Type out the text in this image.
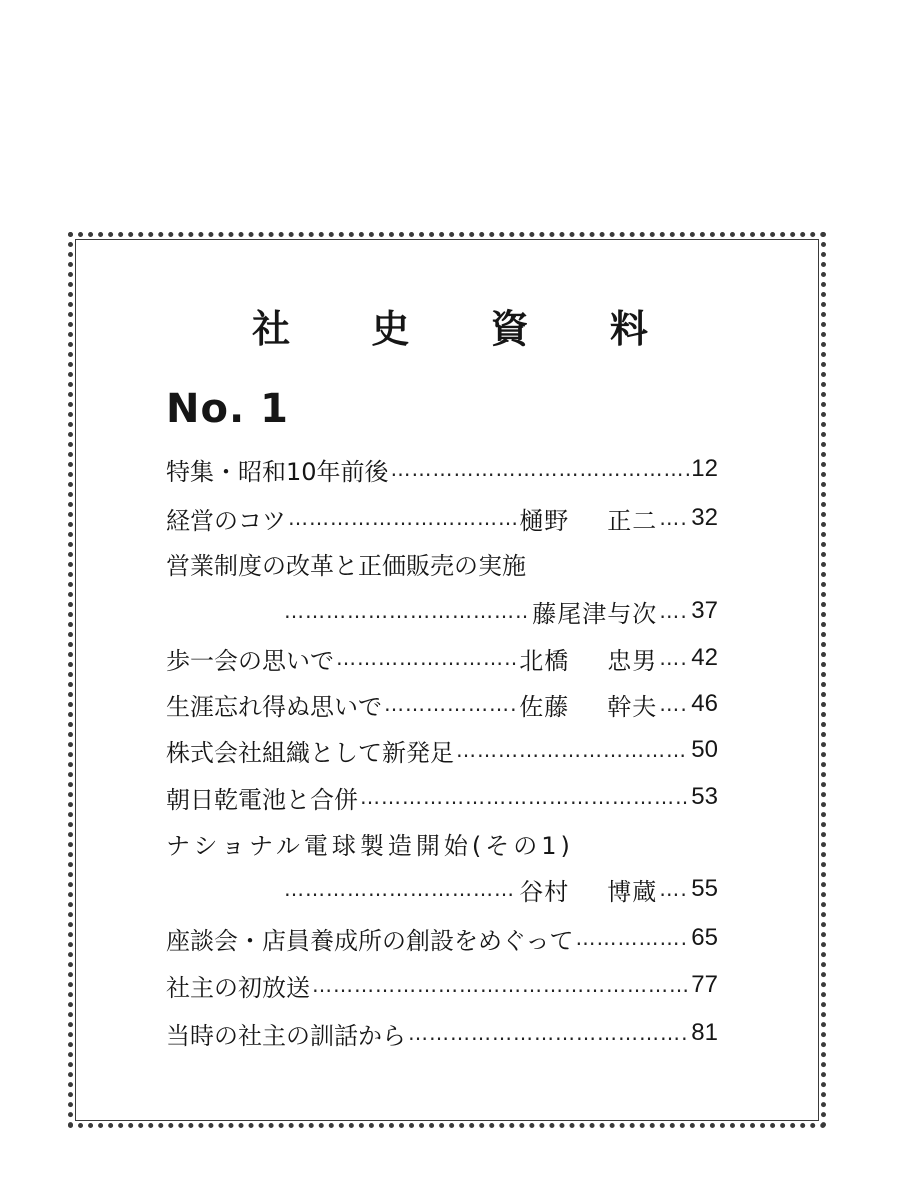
社 史 資 料
No. 1
特集・昭和10年前後 ……………………………………………………………………………………………………	12
経営のコツ ……………………………………………………………………………………………………	樋野 正二 …………………………………………………………………………………………………… 32
営業制度の改革と正価販売の実施
……………………………………………………………………………………………………
藤尾津与次 …………………………………………………………………………………………………… 37
歩一会の思いで ……………………………………………………………………………………………………	北橋 忠男 …………………………………………………………………………………………………… 42
生涯忘れ得ぬ思いで ……………………………………………………………………………………………………	佐藤 幹夫 …………………………………………………………………………………………………… 46
株式会社組織として新発足 ……………………………………………………………………………………………………	50
朝日乾電池と合併 ……………………………………………………………………………………………………	53
ナショナル電球製造開始(その1)
……………………………………………………………………………………………………
谷村 博蔵 …………………………………………………………………………………………………… 55
座談会・店員養成所の創設をめぐって ……………………………………………………………………………………………………	65
社主の初放送 ……………………………………………………………………………………………………	77
当時の社主の訓話から ……………………………………………………………………………………………………	81
